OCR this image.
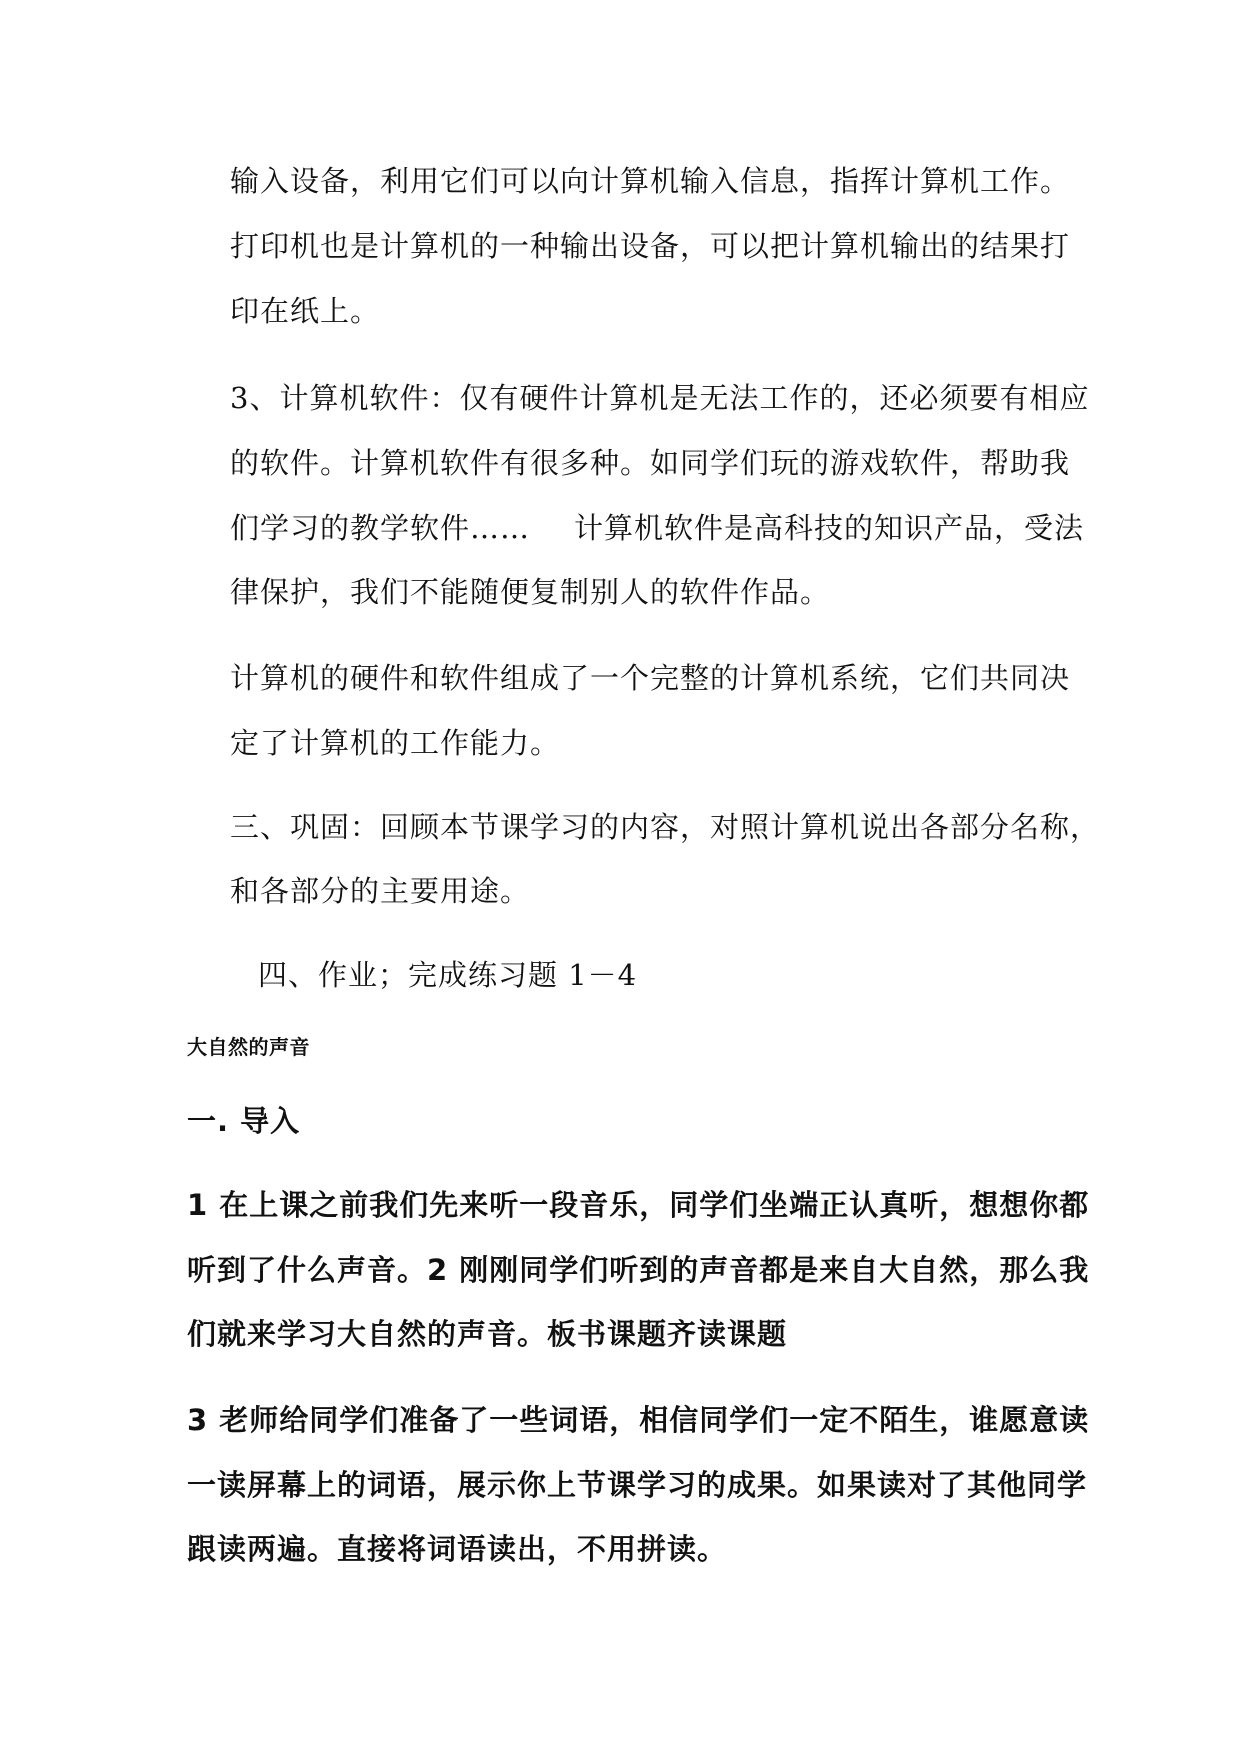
输入设备，利用它们可以向计算机输入信息，指挥计算机工作。
打印机也是计算机的一种输出设备，可以把计算机输出的结果打
印在纸上。
3、计算机软件：仅有硬件计算机是无法工作的，还必须要有相应
的软件。计算机软件有很多种。如同学们玩的游戏软件，帮助我
们学习的教学软件…… 计算机软件是高科技的知识产品，受法
律保护，我们不能随便复制别人的软件作品。
计算机的硬件和软件组成了一个完整的计算机系统，它们共同决
定了计算机的工作能力。
三、巩固：回顾本节课学习的内容，对照计算机说出各部分名称，
和各部分的主要用途。
四、作业；完成练习题 1－4
大自然的声音
一. 导入
1 在上课之前我们先来听一段音乐，同学们坐端正认真听，想想你都
听到了什么声音。2 刚刚同学们听到的声音都是来自大自然，那么我
们就来学习大自然的声音。板书课题齐读课题
3 老师给同学们准备了一些词语，相信同学们一定不陌生，谁愿意读
一读屏幕上的词语，展示你上节课学习的成果。如果读对了其他同学
跟读两遍。直接将词语读出，不用拼读。
